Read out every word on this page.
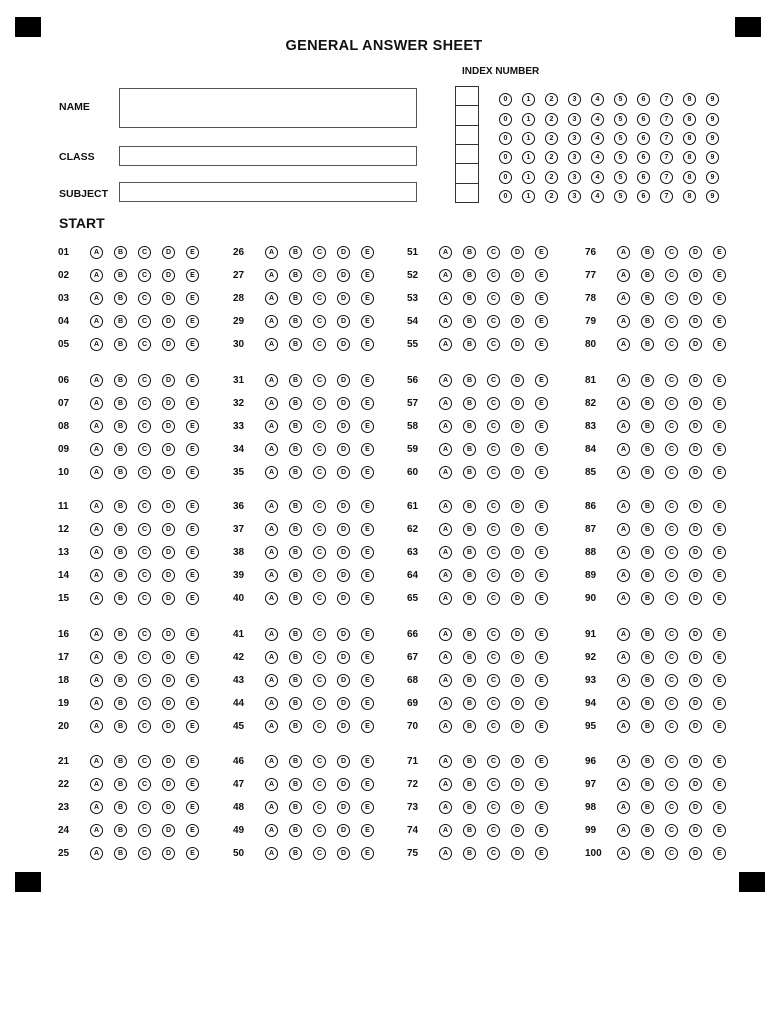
GENERAL ANSWER SHEET
NAME
CLASS
SUBJECT
INDEX NUMBER
0	1	2	3	4	5	6	7	8	9
0	1	2	3	4	5	6	7	8	9
0	1	2	3	4	5	6	7	8	9
0	1	2	3	4	5	6	7	8	9
0	1	2	3	4	5	6	7	8	9
0	1	2	3	4	5	6	7	8	9
START
01	A	B	C	D	E
02	A	B	C	D	E
03	A	B	C	D	E
04	A	B	C	D	E
05	A	B	C	D	E
06	A	B	C	D	E
07	A	B	C	D	E
08	A	B	C	D	E
09	A	B	C	D	E
10	A	B	C	D	E
11	A	B	C	D	E
12	A	B	C	D	E
13	A	B	C	D	E
14	A	B	C	D	E
15	A	B	C	D	E
16	A	B	C	D	E
17	A	B	C	D	E
18	A	B	C	D	E
19	A	B	C	D	E
20	A	B	C	D	E
21	A	B	C	D	E
22	A	B	C	D	E
23	A	B	C	D	E
24	A	B	C	D	E
25	A	B	C	D	E
26	A	B	C	D	E
27	A	B	C	D	E
28	A	B	C	D	E
29	A	B	C	D	E
30	A	B	C	D	E
31	A	B	C	D	E
32	A	B	C	D	E
33	A	B	C	D	E
34	A	B	C	D	E
35	A	B	C	D	E
36	A	B	C	D	E
37	A	B	C	D	E
38	A	B	C	D	E
39	A	B	C	D	E
40	A	B	C	D	E
41	A	B	C	D	E
42	A	B	C	D	E
43	A	B	C	D	E
44	A	B	C	D	E
45	A	B	C	D	E
46	A	B	C	D	E
47	A	B	C	D	E
48	A	B	C	D	E
49	A	B	C	D	E
50	A	B	C	D	E
51	A	B	C	D	E
52	A	B	C	D	E
53	A	B	C	D	E
54	A	B	C	D	E
55	A	B	C	D	E
56	A	B	C	D	E
57	A	B	C	D	E
58	A	B	C	D	E
59	A	B	C	D	E
60	A	B	C	D	E
61	A	B	C	D	E
62	A	B	C	D	E
63	A	B	C	D	E
64	A	B	C	D	E
65	A	B	C	D	E
66	A	B	C	D	E
67	A	B	C	D	E
68	A	B	C	D	E
69	A	B	C	D	E
70	A	B	C	D	E
71	A	B	C	D	E
72	A	B	C	D	E
73	A	B	C	D	E
74	A	B	C	D	E
75	A	B	C	D	E
76	A	B	C	D	E
77	A	B	C	D	E
78	A	B	C	D	E
79	A	B	C	D	E
80	A	B	C	D	E
81	A	B	C	D	E
82	A	B	C	D	E
83	A	B	C	D	E
84	A	B	C	D	E
85	A	B	C	D	E
86	A	B	C	D	E
87	A	B	C	D	E
88	A	B	C	D	E
89	A	B	C	D	E
90	A	B	C	D	E
91	A	B	C	D	E
92	A	B	C	D	E
93	A	B	C	D	E
94	A	B	C	D	E
95	A	B	C	D	E
96	A	B	C	D	E
97	A	B	C	D	E
98	A	B	C	D	E
99	A	B	C	D	E
100	A	B	C	D	E
